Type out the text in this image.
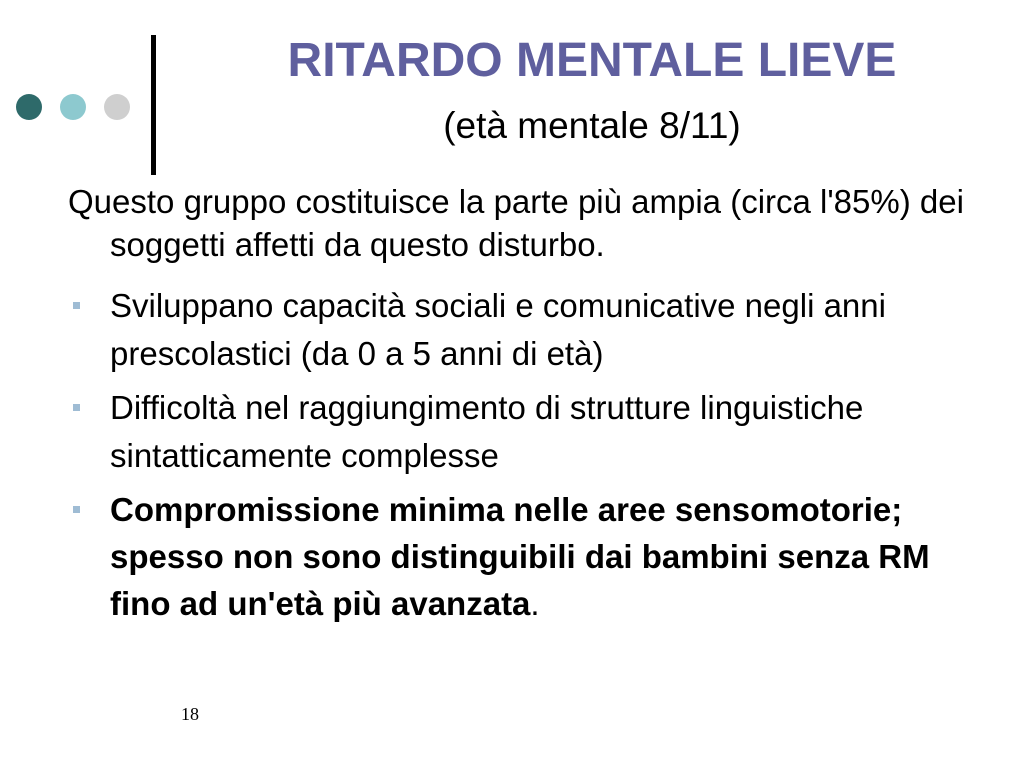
RITARDO MENTALE LIEVE
(età mentale 8/11)

Questo gruppo costituisce la parte più ampia (circa l'85%) dei soggetti affetti da questo disturbo.

Sviluppano capacità sociali e comunicative negli anni prescolastici (da 0 a 5 anni di età)
Difficoltà nel raggiungimento di strutture linguistiche sintatticamente complesse
Compromissione minima nelle aree sensomotorie; spesso non sono distinguibili dai bambini senza RM fino ad un'età più avanzata.
18
